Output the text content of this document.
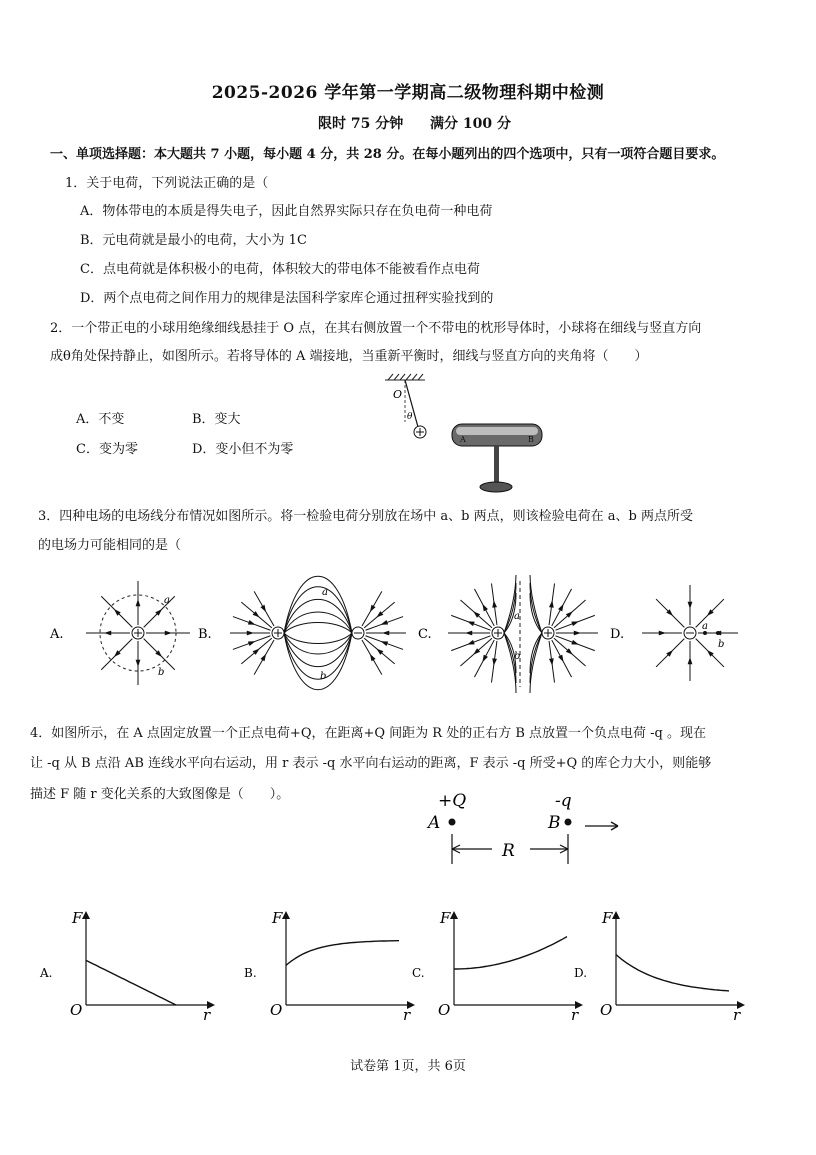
2025-2026 学年第一学期高二级物理科期中检测
限时 75 分钟 满分 100 分
一、单项选择题：本大题共 7 小题，每小题 4 分，共 28 分。在每小题列出的四个选项中，只有一项符合题目要求。
1．关于电荷，下列说法正确的是（
A．物体带电的本质是得失电子，因此自然界实际只存在负电荷一种电荷
B．元电荷就是最小的电荷，大小为 1C
C．点电荷就是体积极小的电荷，体积较大的带电体不能被看作点电荷
D．两个点电荷之间作用力的规律是法国科学家库仑通过扭秤实验找到的
2．一个带正电的小球用绝缘细线悬挂于 O 点，在其右侧放置一个不带电的枕形导体时，小球将在细线与竖直方向
成θ角处保持静止，如图所示。若将导体的 A 端接地，当重新平衡时，细线与竖直方向的夹角将（　　）
A．不变	B．变大
C．变为零	D．变小但不为零
O
θ
A	B
3．四种电场的电场线分布情况如图所示。将一检验电荷分别放在场中 a、b 两点，则该检验电荷在 a、b 两点所受
的电场力可能相同的是（
A.
a
b
B.
a
b
C.
a
b
D.
a
b
4．如图所示，在 A 点固定放置一个正点电荷+Q，在距离+Q 间距为 R 处的正右方 B 点放置一个负点电荷 -q 。现在
让 -q 从 B 点沿 AB 连线水平向右运动，用 r 表示 -q 水平向右运动的距离，F 表示 -q 所受+Q 的库仑力大小，则能够
描述 F 随 r 变化关系的大致图像是（　　）。	+Q	-q
A	B
R
A.
F
r
O
B.
F
r
O
C.
F
r
O
D.
F
r
O
试卷第 1页，共 6页
